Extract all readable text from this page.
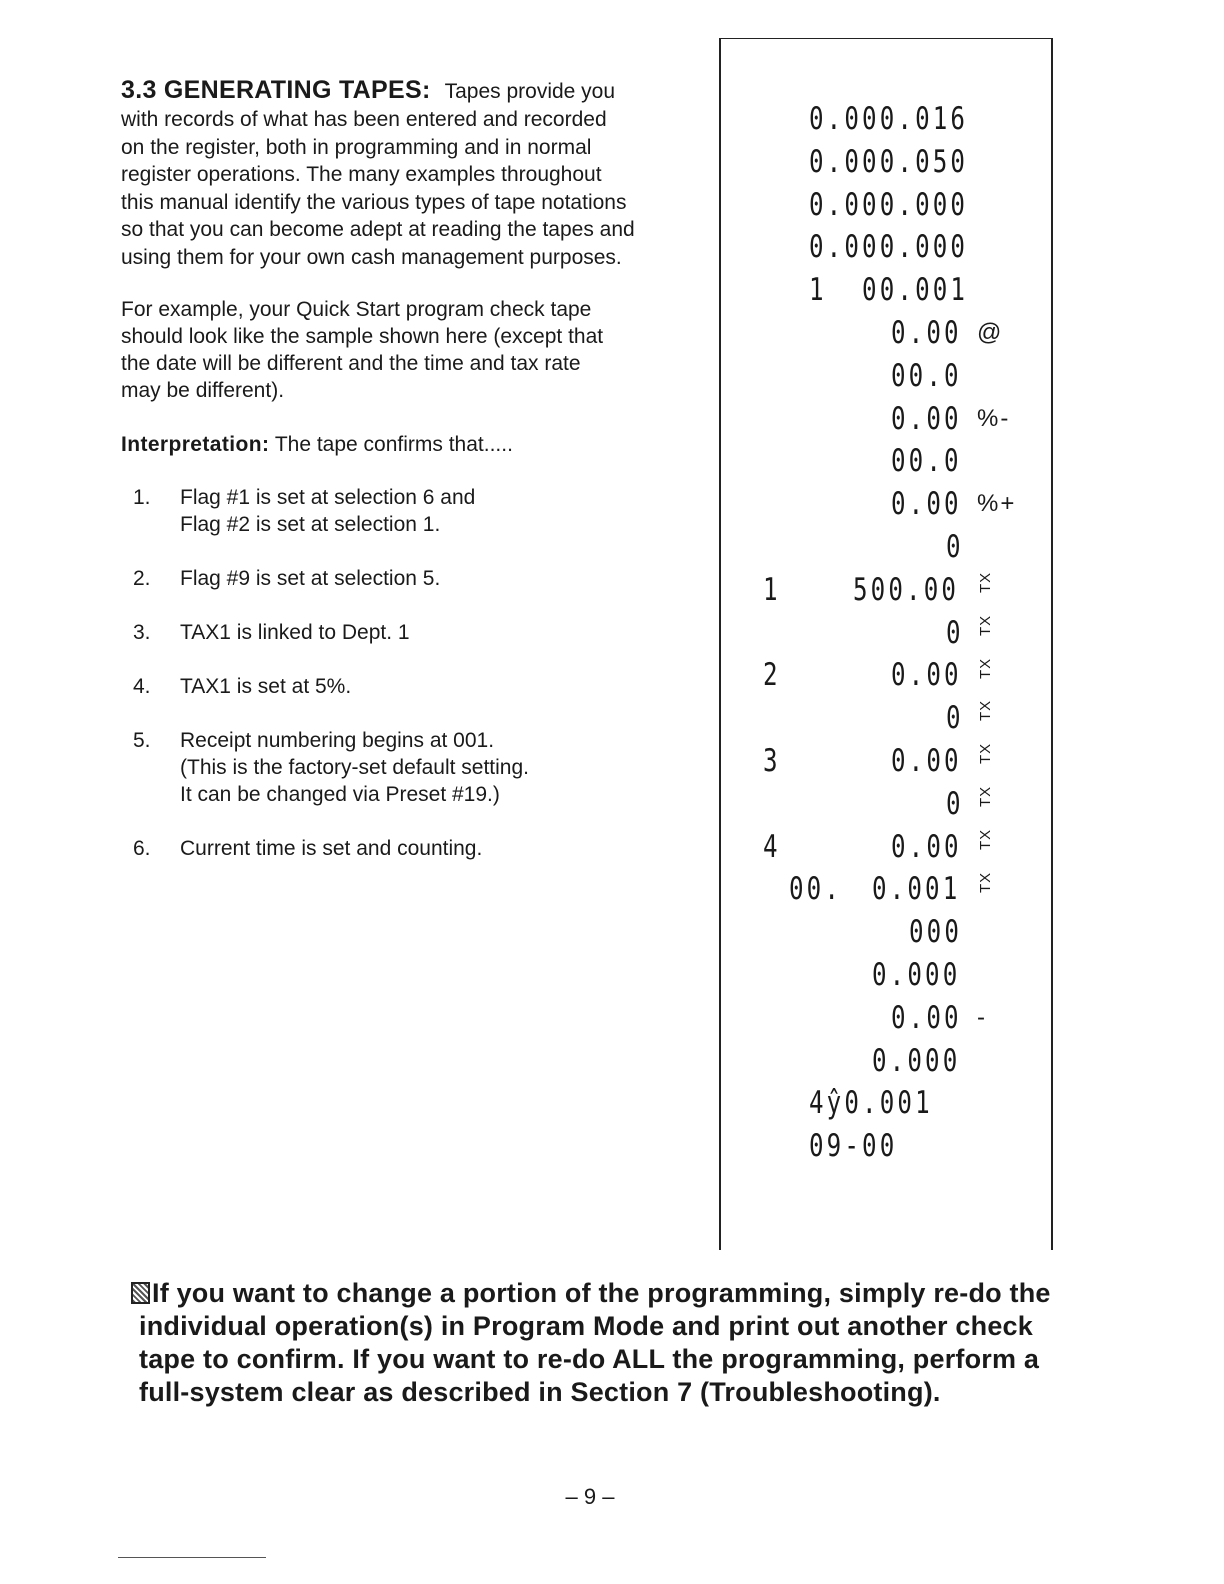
3.3 GENERATING TAPES: Tapes provide you

with records of what has been entered and recorded

on the register, both in programming and in normal

register operations. The many examples throughout

this manual identify the various types of tape notations

so that you can become adept at reading the tapes and

using them for your own cash management purposes.

For example, your Quick Start program check tape

should look like the sample shown here (except that

the date will be different and the time and tax rate

may be different).

Interpretation: The tape confirms that.....
1. Flag #1 is set at selection 6 and

Flag #2 is set at selection 1.

2. Flag #9 is set at selection 5.

3. TAX1 is linked to Dept. 1

4. TAX1 is set at 5%.

5. Receipt numbering begins at 001.

(This is the factory-set default setting.

It can be changed via Preset #19.)

6. Current time is set and counting.

0.000.016
0.000.050
0.000.000
0.000.000
1  00.001
0.00 @
00.0
0.00 %-
00.0
0.00 %+
0
TX
500.00
1
TX
0
TX
0.00
2
TX
0
TX
0.00
3
TX
0
TX
0.00
4
TX
0.001
00.
000
0.000
0.00 -
0.000
4ŷ0.001
09-00

If you want to change a portion of the programming, simply re-do the

individual operation(s) in Program Mode and print out another check

tape to confirm. If you want to re-do ALL the programming, perform a

full-system clear as described in Section 7 (Troubleshooting).

– 9 –
